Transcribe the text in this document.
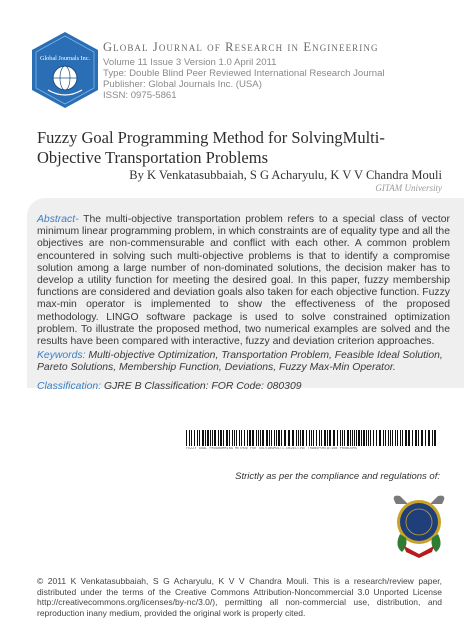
Global Journals Inc.
Global Journal of Research in Engineering
Volume 11 Issue 3 Version 1.0 April 2011
Type: Double Blind Peer Reviewed International Research Journal
Publisher: Global Journals Inc. (USA)
ISSN: 0975-5861
Fuzzy Goal Programming Method for SolvingMulti-Objective Transportation Problems
By K Venkatasubbaiah, S G Acharyulu, K V V Chandra Mouli
GITAM University
Abstract- The multi-objective transportation problem refers to a special class of vector minimum linear programming problem, in which constraints are of equality type and all the objectives are non-commensurable and conflict with each other. A common problem encountered in solving such multi-objective problems is that to identify a compromise solution among a large number of non-dominated solutions, the decision maker has to develop a utility function for meeting the desired goal. In this paper, fuzzy membership functions are considered and deviation goals also taken for each objective function. Fuzzy max-min operator is implemented to show the effectiveness of the proposed methodology. LINGO software package is used to solve constrained optimization problem. To illustrate the proposed method, two numerical examples are solved and the results have been compared with interactive, fuzzy and deviation criterion approaches.
Keywords: Multi-objective Optimization, Transportation Problem, Feasible Ideal Solution, Pareto Solutions, Membership Function, Deviations, Fuzzy Max-Min Operator.
Classification: GJRE B Classification: FOR Code: 080309
FUZZY GOAL PROGRAMMING METHOD FOR SOLVINGMULTI-OBJECTIVE TRANSPORTATION PROBLEMS
Strictly as per the compliance and regulations of:
© 2011 K Venkatasubbaiah, S G Acharyulu, K V V Chandra Mouli. This is a research/review paper, distributed under the terms of the Creative Commons Attribution-Noncommercial 3.0 Unported License http://creativecommons.org/licenses/by-nc/3.0/), permitting all non-commercial use, distribution, and reproduction inany medium, provided the original work is properly cited.
